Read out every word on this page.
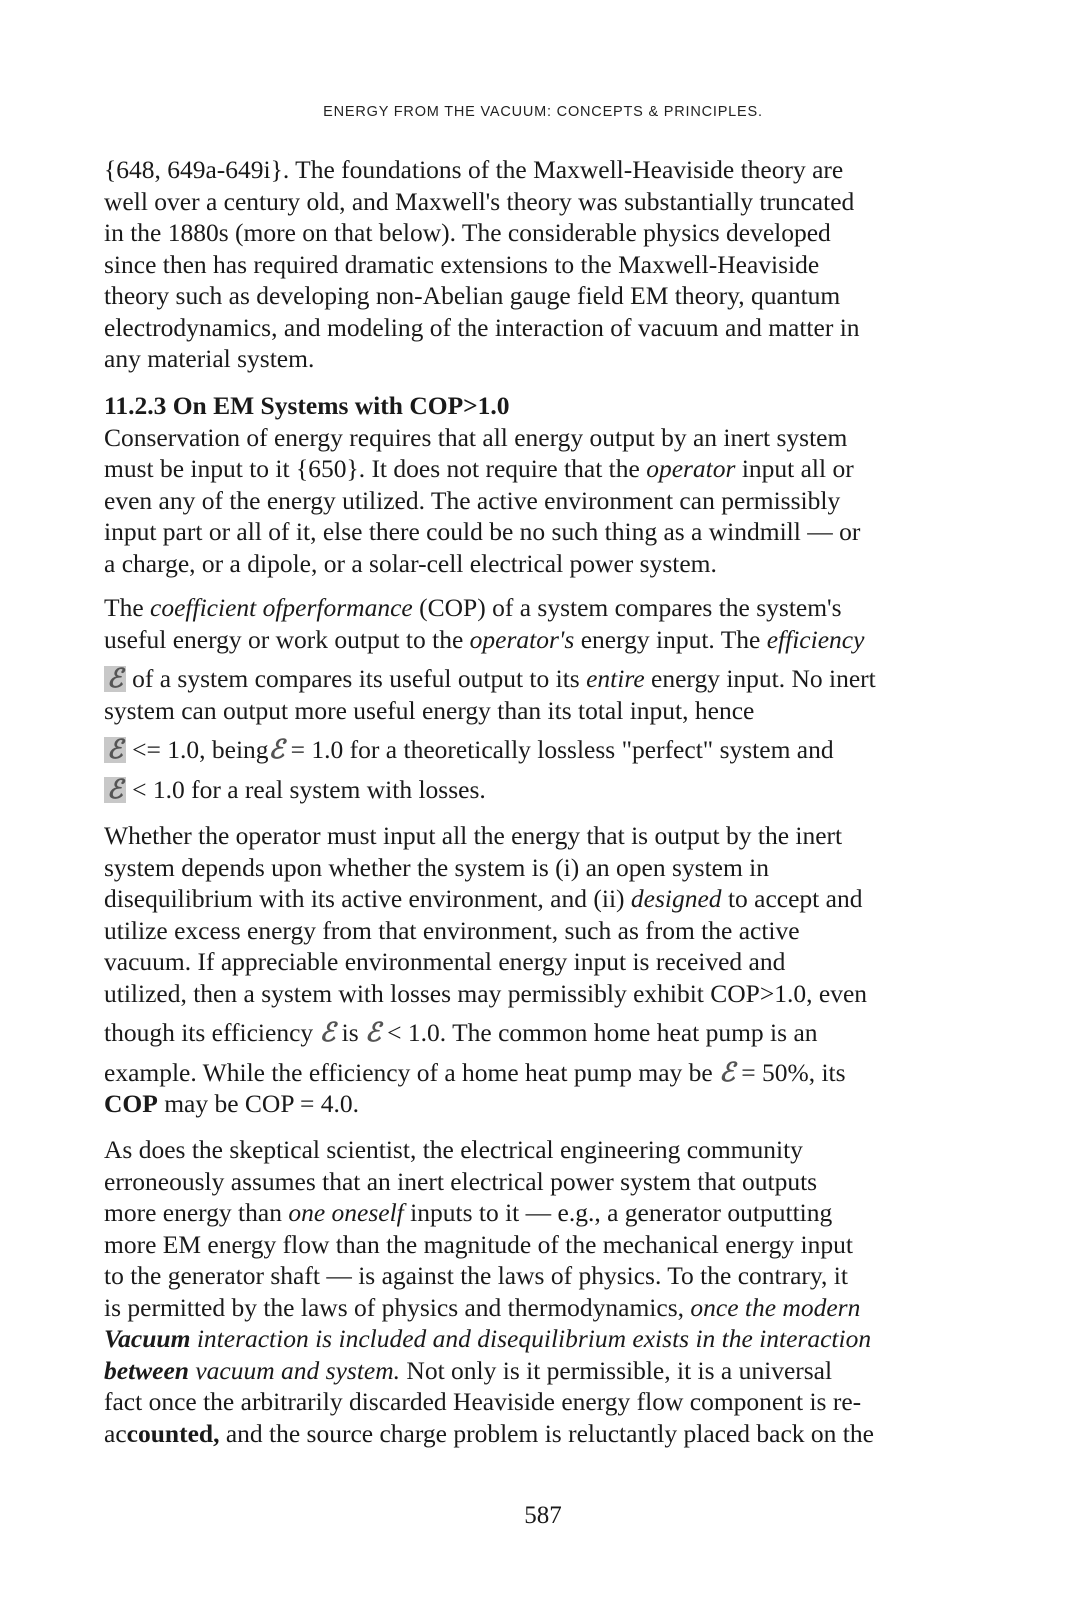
ENERGY FROM THE VACUUM: CONCEPTS & PRINCIPLES.
{648, 649a-649i}. The foundations of the Maxwell-Heaviside theory are
well over a century old, and Maxwell's theory was substantially truncated
in the 1880s (more on that below). The considerable physics developed
since then has required dramatic extensions to the Maxwell-Heaviside
theory such as developing non-Abelian gauge field EM theory, quantum
electrodynamics, and modeling of the interaction of vacuum and matter in
any material system.
11.2.3 On EM Systems with COP>1.0
Conservation of energy requires that all energy output by an inert system
must be input to it {650}. It does not require that the operator input all or
even any of the energy utilized. The active environment can permissibly
input part or all of it, else there could be no such thing as a windmill — or
a charge, or a dipole, or a solar-cell electrical power system.
The coefficient ofperformance (COP) of a system compares the system's
useful energy or work output to the operator's energy input. The efficiency
ℰ of a system compares its useful output to its entire energy input. No inert
system can output more useful energy than its total input, hence
ℰ <= 1.0, beingℰ = 1.0 for a theoretically lossless "perfect" system and
ℰ < 1.0 for a real system with losses.
Whether the operator must input all the energy that is output by the inert
system depends upon whether the system is (i) an open system in
disequilibrium with its active environment, and (ii) designed to accept and
utilize excess energy from that environment, such as from the active
vacuum. If appreciable environmental energy input is received and
utilized, then a system with losses may permissibly exhibit COP>1.0, even
though its efficiency ℰ is ℰ < 1.0. The common home heat pump is an
example. While the efficiency of a home heat pump may be ℰ = 50%, its
COP may be COP = 4.0.
As does the skeptical scientist, the electrical engineering community
erroneously assumes that an inert electrical power system that outputs
more energy than one oneself inputs to it — e.g., a generator outputting
more EM energy flow than the magnitude of the mechanical energy input
to the generator shaft — is against the laws of physics. To the contrary, it
is permitted by the laws of physics and thermodynamics, once the modern
Vacuum interaction is included and disequilibrium exists in the interaction
between vacuum and system. Not only is it permissible, it is a universal
fact once the arbitrarily discarded Heaviside energy flow component is re-
accounted, and the source charge problem is reluctantly placed back on the
587
